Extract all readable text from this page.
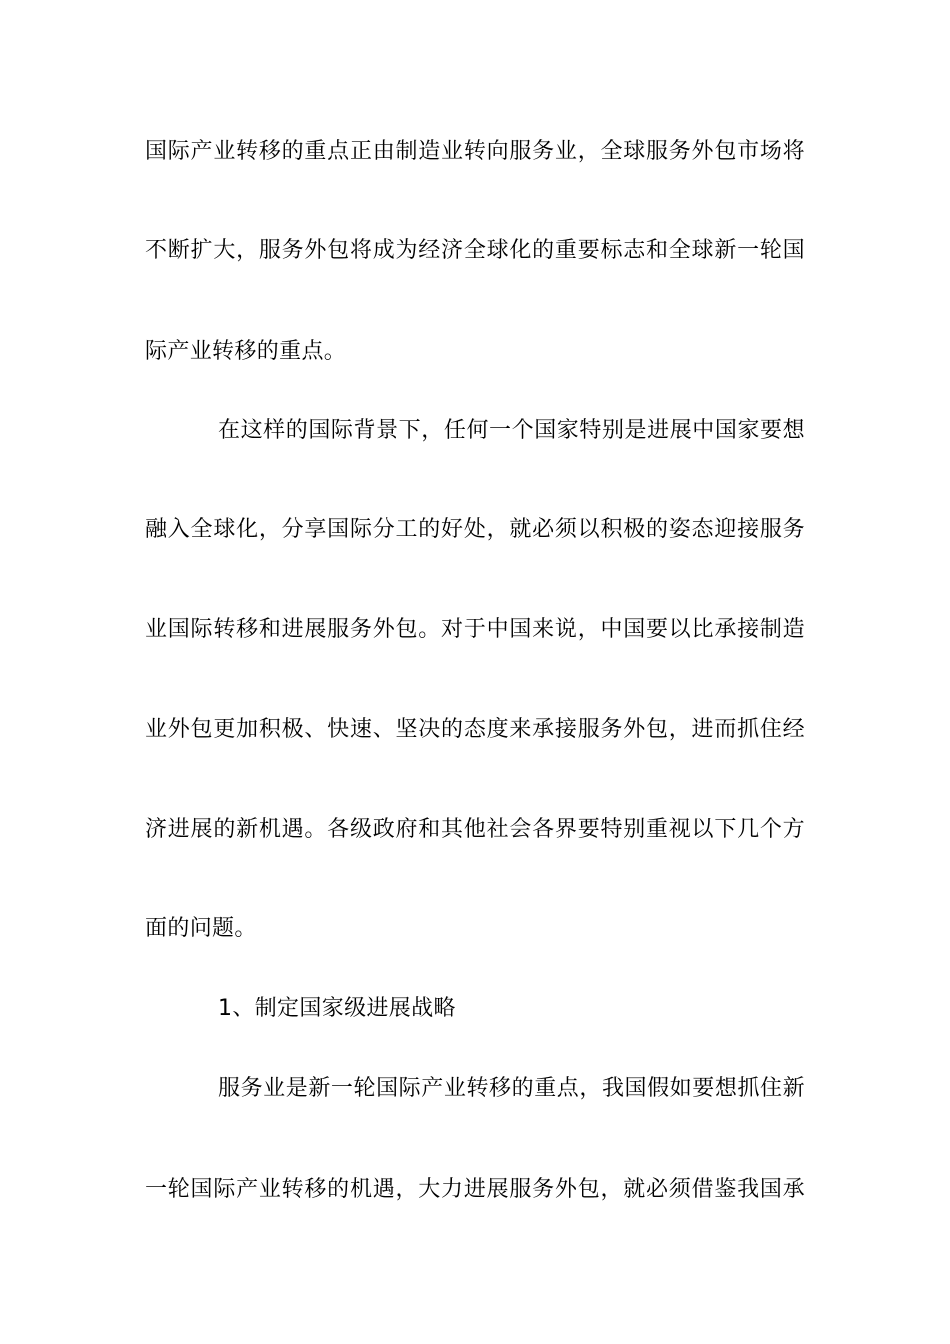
国际产业转移的重点正由制造业转向服务业，全球服务外包市场将
不断扩大，服务外包将成为经济全球化的重要标志和全球新一轮国
际产业转移的重点。
在这样的国际背景下，任何一个国家特别是进展中国家要想
融入全球化，分享国际分工的好处，就必须以积极的姿态迎接服务
业国际转移和进展服务外包。对于中国来说，中国要以比承接制造
业外包更加积极、快速、坚决的态度来承接服务外包，进而抓住经
济进展的新机遇。各级政府和其他社会各界要特别重视以下几个方
面的问题。
1、制定国家级进展战略
服务业是新一轮国际产业转移的重点，我国假如要想抓住新
一轮国际产业转移的机遇，大力进展服务外包，就必须借鉴我国承
